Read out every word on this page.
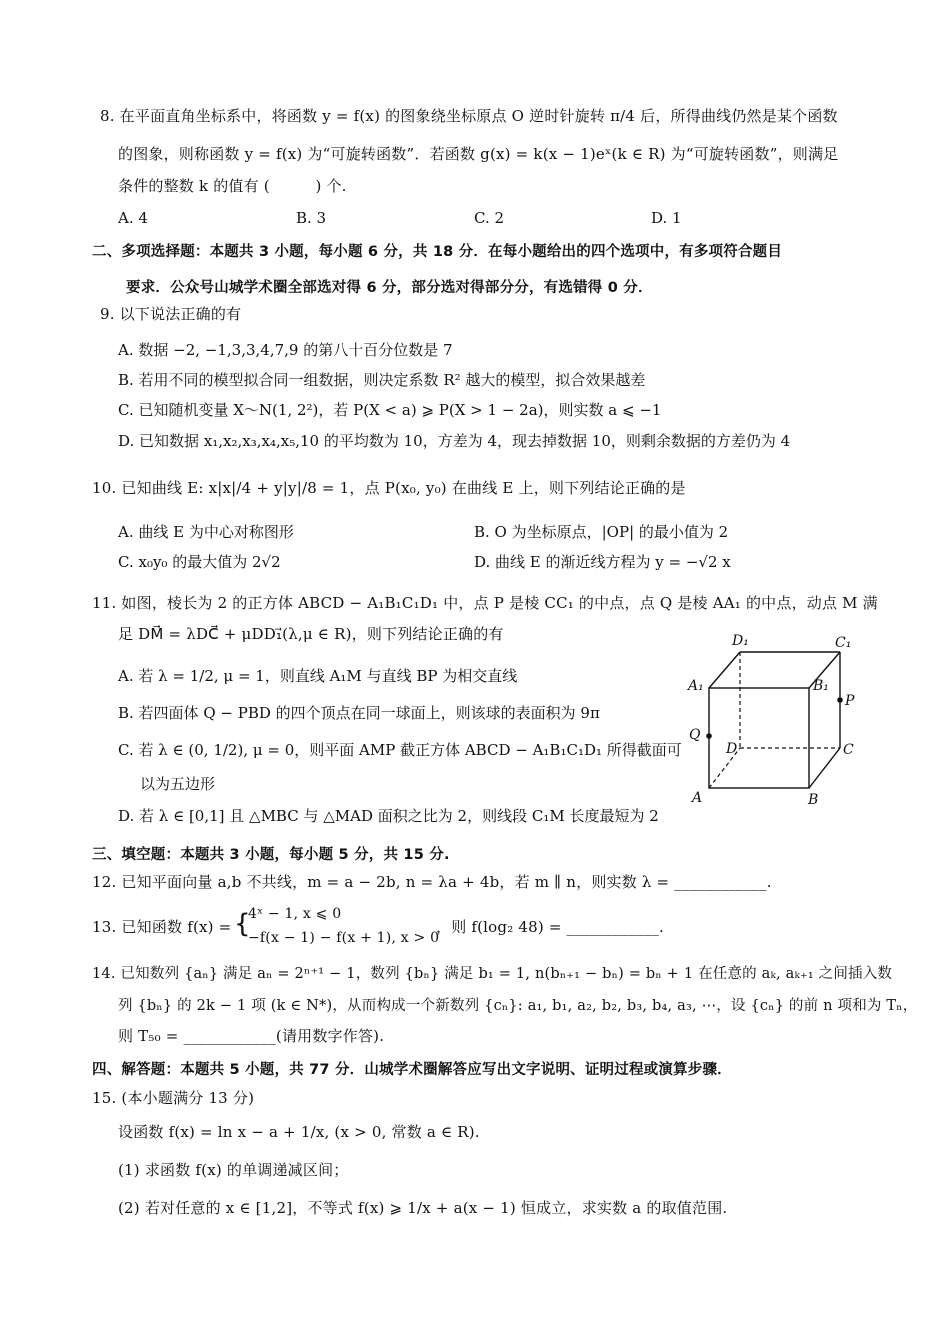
8. 在平面直角坐标系中，将函数 y = f(x) 的图象绕坐标原点 O 逆时针旋转 π/4 后，所得曲线仍然是某个函数
的图象，则称函数 y = f(x) 为“可旋转函数”．若函数 g(x) = k(x − 1)eˣ(k ∈ R) 为“可旋转函数”，则满足
条件的整数 k 的值有 (　　　) 个.
A. 4	B. 3	C. 2	D. 1
二、多项选择题：本题共 3 小题，每小题 6 分，共 18 分．在每小题给出的四个选项中，有多项符合题目
要求．公众号山城学术圈全部选对得 6 分，部分选对得部分分，有选错得 0 分．
9. 以下说法正确的有
A. 数据 −2, −1,3,3,4,7,9 的第八十百分位数是 7
B. 若用不同的模型拟合同一组数据，则决定系数 R² 越大的模型，拟合效果越差
C. 已知随机变量 X～N(1, 2²)，若 P(X < a) ⩾ P(X > 1 − 2a)，则实数 a ⩽ −1
D. 已知数据 x₁,x₂,x₃,x₄,x₅,10 的平均数为 10，方差为 4，现去掉数据 10，则剩余数据的方差仍为 4
10. 已知曲线 E: x|x|/4 + y|y|/8 = 1，点 P(x₀, y₀) 在曲线 E 上，则下列结论正确的是
A. 曲线 E 为中心对称图形	B. O 为坐标原点，|OP| 的最小值为 2
C. x₀y₀ 的最大值为 2√2	D. 曲线 E 的渐近线方程为 y = −√2 x
11. 如图，棱长为 2 的正方体 ABCD − A₁B₁C₁D₁ 中，点 P 是棱 CC₁ 的中点，点 Q 是棱 AA₁ 的中点，动点 M 满
足 DM⃗ = λDC⃗ + μDD₁⃗(λ,μ ∈ R)，则下列结论正确的有
A. 若 λ = 1/2, μ = 1，则直线 A₁M 与直线 BP 为相交直线
B. 若四面体 Q − PBD 的四个顶点在同一球面上，则该球的表面积为 9π
C. 若 λ ∈ (0, 1/2), μ = 0，则平面 AMP 截正方体 ABCD − A₁B₁C₁D₁ 所得截面可
以为五边形
D. 若 λ ∈ [0,1] 且 △MBC 与 △MAD 面积之比为 2，则线段 C₁M 长度最短为 2
D₁	C₁
A₁	B₁
P
Q
D	C
A	B
三、填空题：本题共 3 小题，每小题 5 分，共 15 分.
12. 已知平面向量 a,b 不共线，m = a − 2b, n = λa + 4b，若 m ∥ n，则实数 λ = ____________.
13. 已知函数 f(x) = {
4ˣ − 1, x ⩽ 0
−f(x − 1) − f(x + 1), x > 0
，则 f(log₂ 48) = ____________.
14. 已知数列 {aₙ} 满足 aₙ = 2ⁿ⁺¹ − 1，数列 {bₙ} 满足 b₁ = 1, n(bₙ₊₁ − bₙ) = bₙ + 1 在任意的 aₖ, aₖ₊₁ 之间插入数
列 {bₙ} 的 2k − 1 项 (k ∈ N*)，从而构成一个新数列 {cₙ}: a₁, b₁, a₂, b₂, b₃, b₄, a₃, ⋯，设 {cₙ} 的前 n 项和为 Tₙ，
则 T₅₀ = ____________(请用数字作答).
四、解答题：本题共 5 小题，共 77 分．山城学术圈解答应写出文字说明、证明过程或演算步骤．
15. (本小题满分 13 分)
设函数 f(x) = ln x − a + 1/x, (x > 0, 常数 a ∈ R).
(1) 求函数 f(x) 的单调递减区间；
(2) 若对任意的 x ∈ [1,2]，不等式 f(x) ⩾ 1/x + a(x − 1) 恒成立，求实数 a 的取值范围.
